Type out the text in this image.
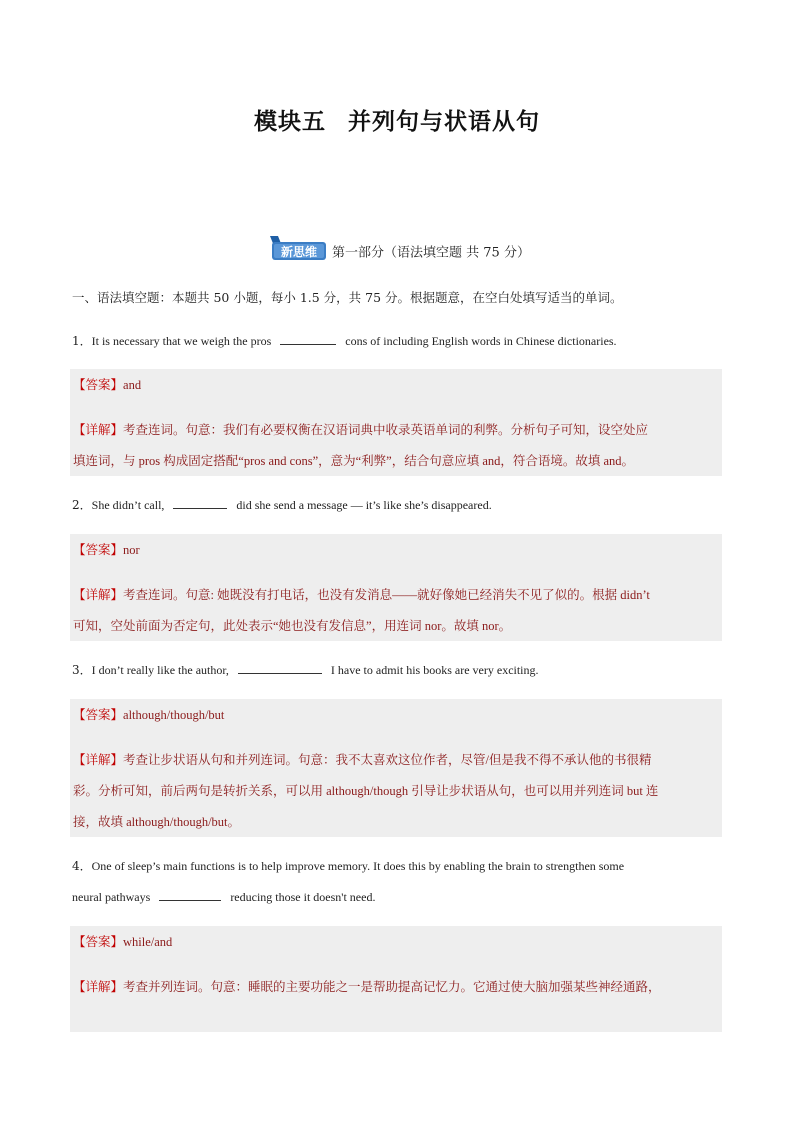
模块五 并列句与状语从句
新思维 第一部分（语法填空题 共 75 分）
一、语法填空题：本题共 50 小题，每小 1.5 分，共 75 分。根据题意，在空白处填写适当的单词。
1．It is necessary that we weigh the pros	cons of including English words in Chinese dictionaries.
【答案】and
【详解】考查连词。句意：我们有必要权衡在汉语词典中收录英语单词的利弊。分析句子可知，设空处应
填连词，与 pros 构成固定搭配“pros and cons”，意为“利弊”，结合句意应填 and，符合语境。故填 and。
2．She didn’t call,	did she send a message — it’s like she’s disappeared.
【答案】nor
【详解】考查连词。句意: 她既没有打电话，也没有发消息——就好像她已经消失不见了似的。根据 didn’t
可知，空处前面为否定句，此处表示“她也没有发信息”，用连词 nor。故填 nor。
3．I don’t really like the author,	I have to admit his books are very exciting.
【答案】although/though/but
【详解】考查让步状语从句和并列连词。句意：我不太喜欢这位作者，尽管/但是我不得不承认他的书很精
彩。分析可知，前后两句是转折关系，可以用 although/though 引导让步状语从句，也可以用并列连词 but 连
接，故填 although/though/but。
4．One of sleep’s main functions is to help improve memory. It does this by enabling the brain to strengthen some
neural pathways	reducing those it doesn't need.
【答案】while/and
【详解】考查并列连词。句意：睡眠的主要功能之一是帮助提高记忆力。它通过使大脑加强某些神经通路，
